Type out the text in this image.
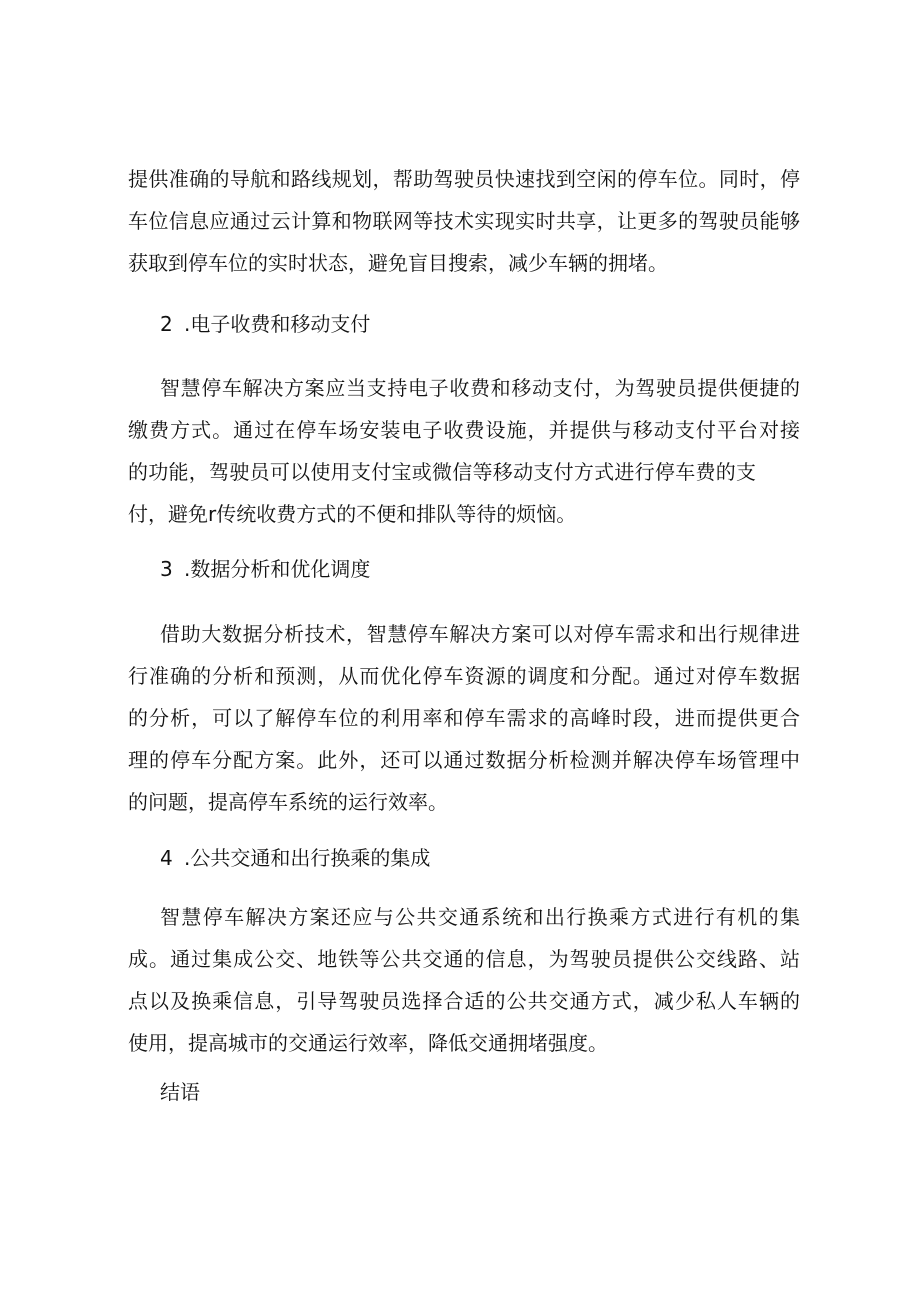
提供准确的导航和路线规划，帮助驾驶员快速找到空闲的停车位。同时，停
车位信息应通过云计算和物联网等技术实现实时共享，让更多的驾驶员能够
获取到停车位的实时状态，避免盲目搜索，减少车辆的拥堵。
2 .电子收费和移动支付
智慧停车解决方案应当支持电子收费和移动支付，为驾驶员提供便捷的
缴费方式。通过在停车场安装电子收费设施，并提供与移动支付平台对接
的功能，驾驶员可以使用支付宝或微信等移动支付方式进行停车费的支
付，避免r传统收费方式的不便和排队等待的烦恼。
3 .数据分析和优化调度
借助大数据分析技术，智慧停车解决方案可以对停车需求和出行规律进
行准确的分析和预测，从而优化停车资源的调度和分配。通过对停车数据
的分析，可以了解停车位的利用率和停车需求的高峰时段，进而提供更合
理的停车分配方案。此外，还可以通过数据分析检测并解决停车场管理中
的问题，提高停车系统的运行效率。
4 .公共交通和出行换乘的集成
智慧停车解决方案还应与公共交通系统和出行换乘方式进行有机的集
成。通过集成公交、地铁等公共交通的信息，为驾驶员提供公交线路、站
点以及换乘信息，引导驾驶员选择合适的公共交通方式，减少私人车辆的
使用，提高城市的交通运行效率，降低交通拥堵强度。
结语
